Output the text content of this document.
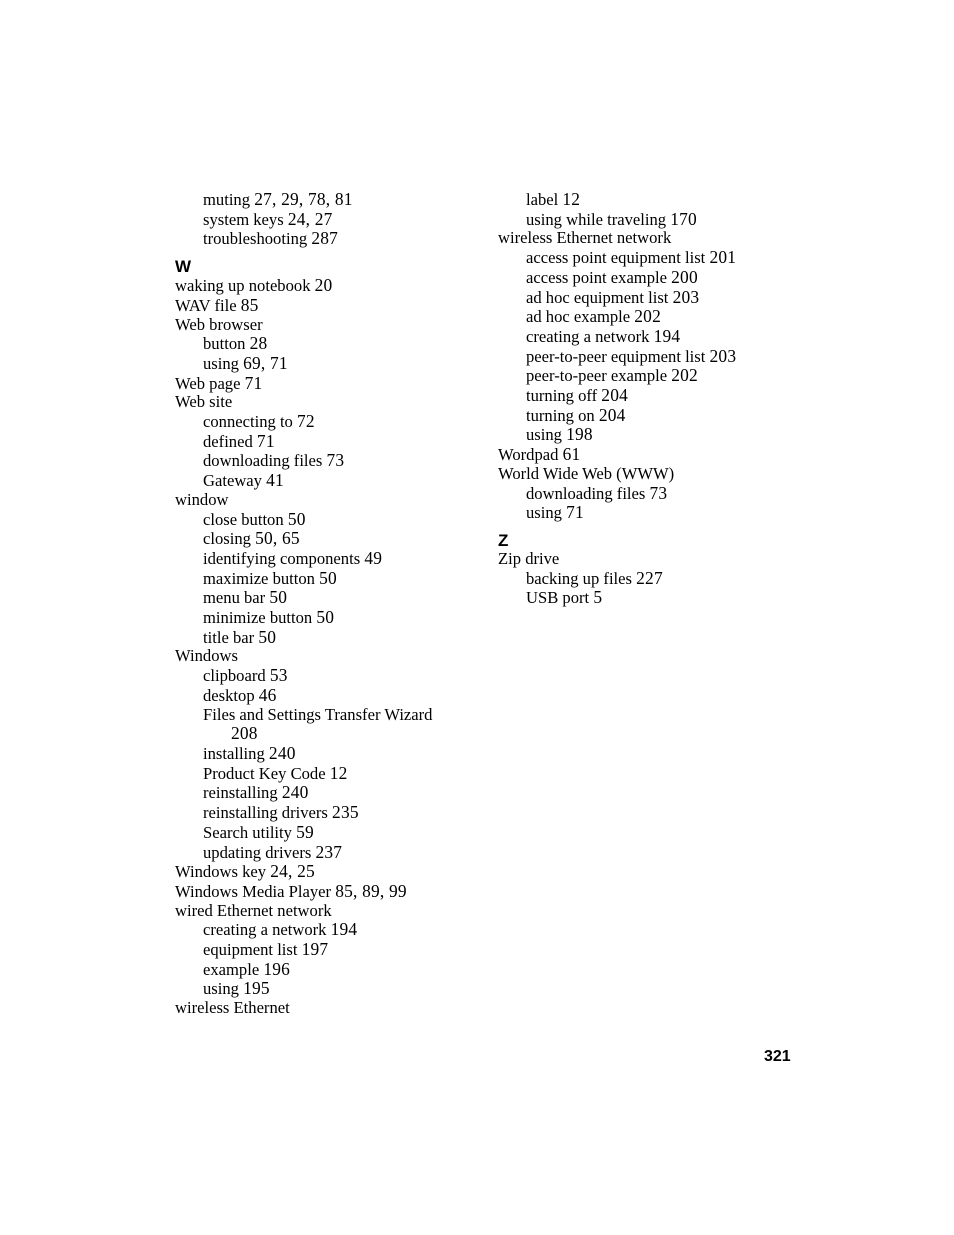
muting 27, 29, 78, 81
system keys 24, 27
troubleshooting 287
W
waking up notebook 20
WAV file 85
Web browser
button 28
using 69, 71
Web page 71
Web site
connecting to 72
defined 71
downloading files 73
Gateway 41
window
close button 50
closing 50, 65
identifying components 49
maximize button 50
menu bar 50
minimize button 50
title bar 50
Windows
clipboard 53
desktop 46
Files and Settings Transfer Wizard
208
installing 240
Product Key Code 12
reinstalling 240
reinstalling drivers 235
Search utility 59
updating drivers 237
Windows key 24, 25
Windows Media Player 85, 89, 99
wired Ethernet network
creating a network 194
equipment list 197
example 196
using 195
wireless Ethernet
label 12
using while traveling 170
wireless Ethernet network
access point equipment list 201
access point example 200
ad hoc equipment list 203
ad hoc example 202
creating a network 194
peer-to-peer equipment list 203
peer-to-peer example 202
turning off 204
turning on 204
using 198
Wordpad 61
World Wide Web (WWW)
downloading files 73
using 71
Z
Zip drive
backing up files 227
USB port 5
321
